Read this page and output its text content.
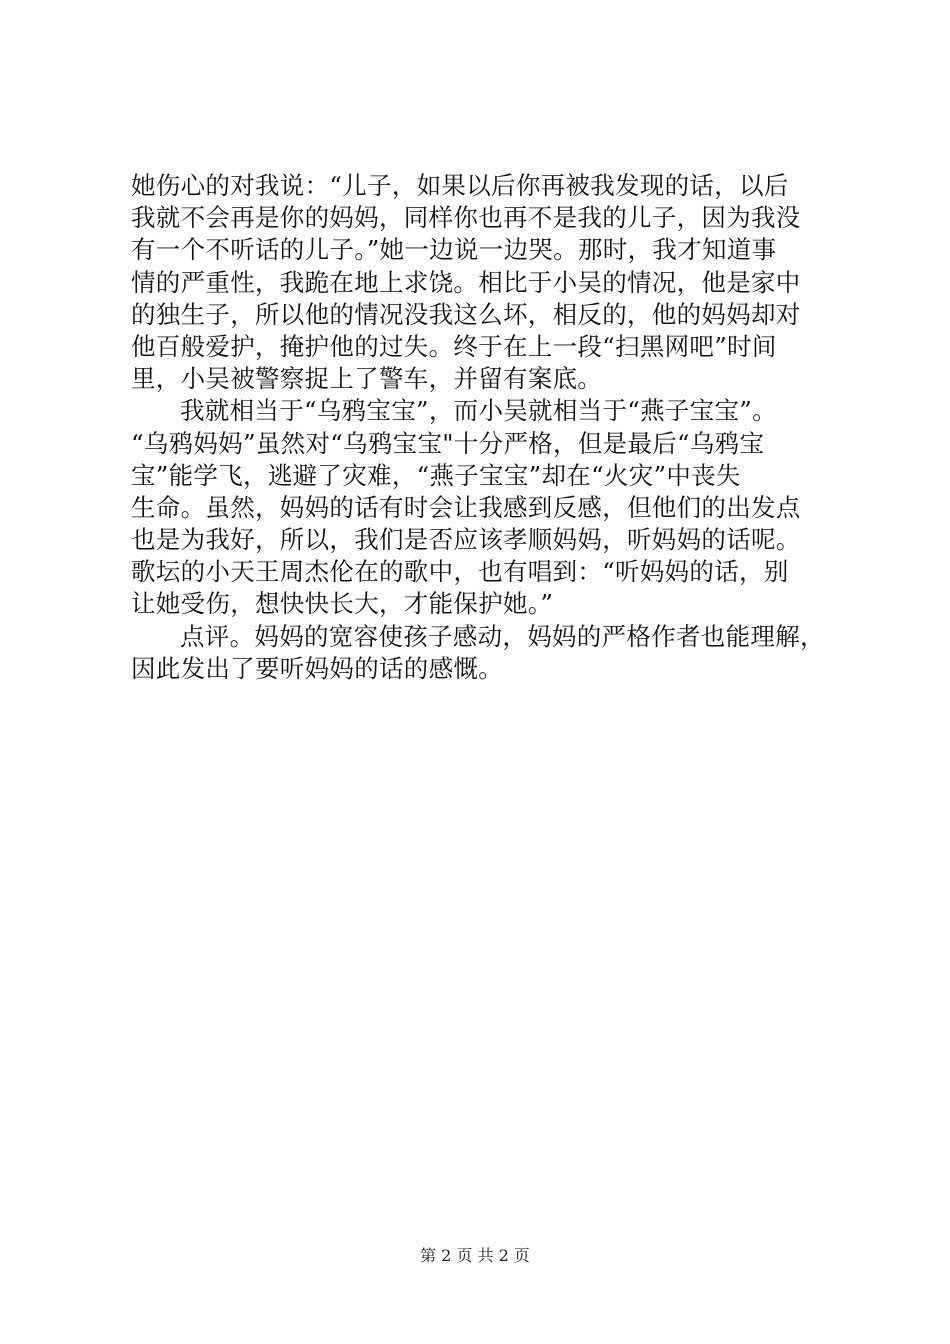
她伤心的对我说：“儿子，如果以后你再被我发现的话，以后
我就不会再是你的妈妈，同样你也再不是我的儿子，因为我没
有一个不听话的儿子。”她一边说一边哭。那时，我才知道事
情的严重性，我跪在地上求饶。相比于小吴的情况，他是家中
的独生子，所以他的情况没我这么坏，相反的，他的妈妈却对
他百般爱护，掩护他的过失。终于在上一段“扫黑网吧”时间
里，小吴被警察捉上了警车，并留有案底。
我就相当于“乌鸦宝宝”，而小吴就相当于“燕子宝宝”。
“乌鸦妈妈”虽然对“乌鸦宝宝"十分严格，但是最后“乌鸦宝
宝”能学飞，逃避了灾难，“燕子宝宝”却在“火灾”中丧失
生命。虽然，妈妈的话有时会让我感到反感，但他们的出发点
也是为我好，所以，我们是否应该孝顺妈妈，听妈妈的话呢。
歌坛的小天王周杰伦在的歌中，也有唱到：“听妈妈的话，别
让她受伤，想快快长大，才能保护她。”
点评。妈妈的宽容使孩子感动，妈妈的严格作者也能理解，
因此发出了要听妈妈的话的感慨。
第 2 页 共 2 页
